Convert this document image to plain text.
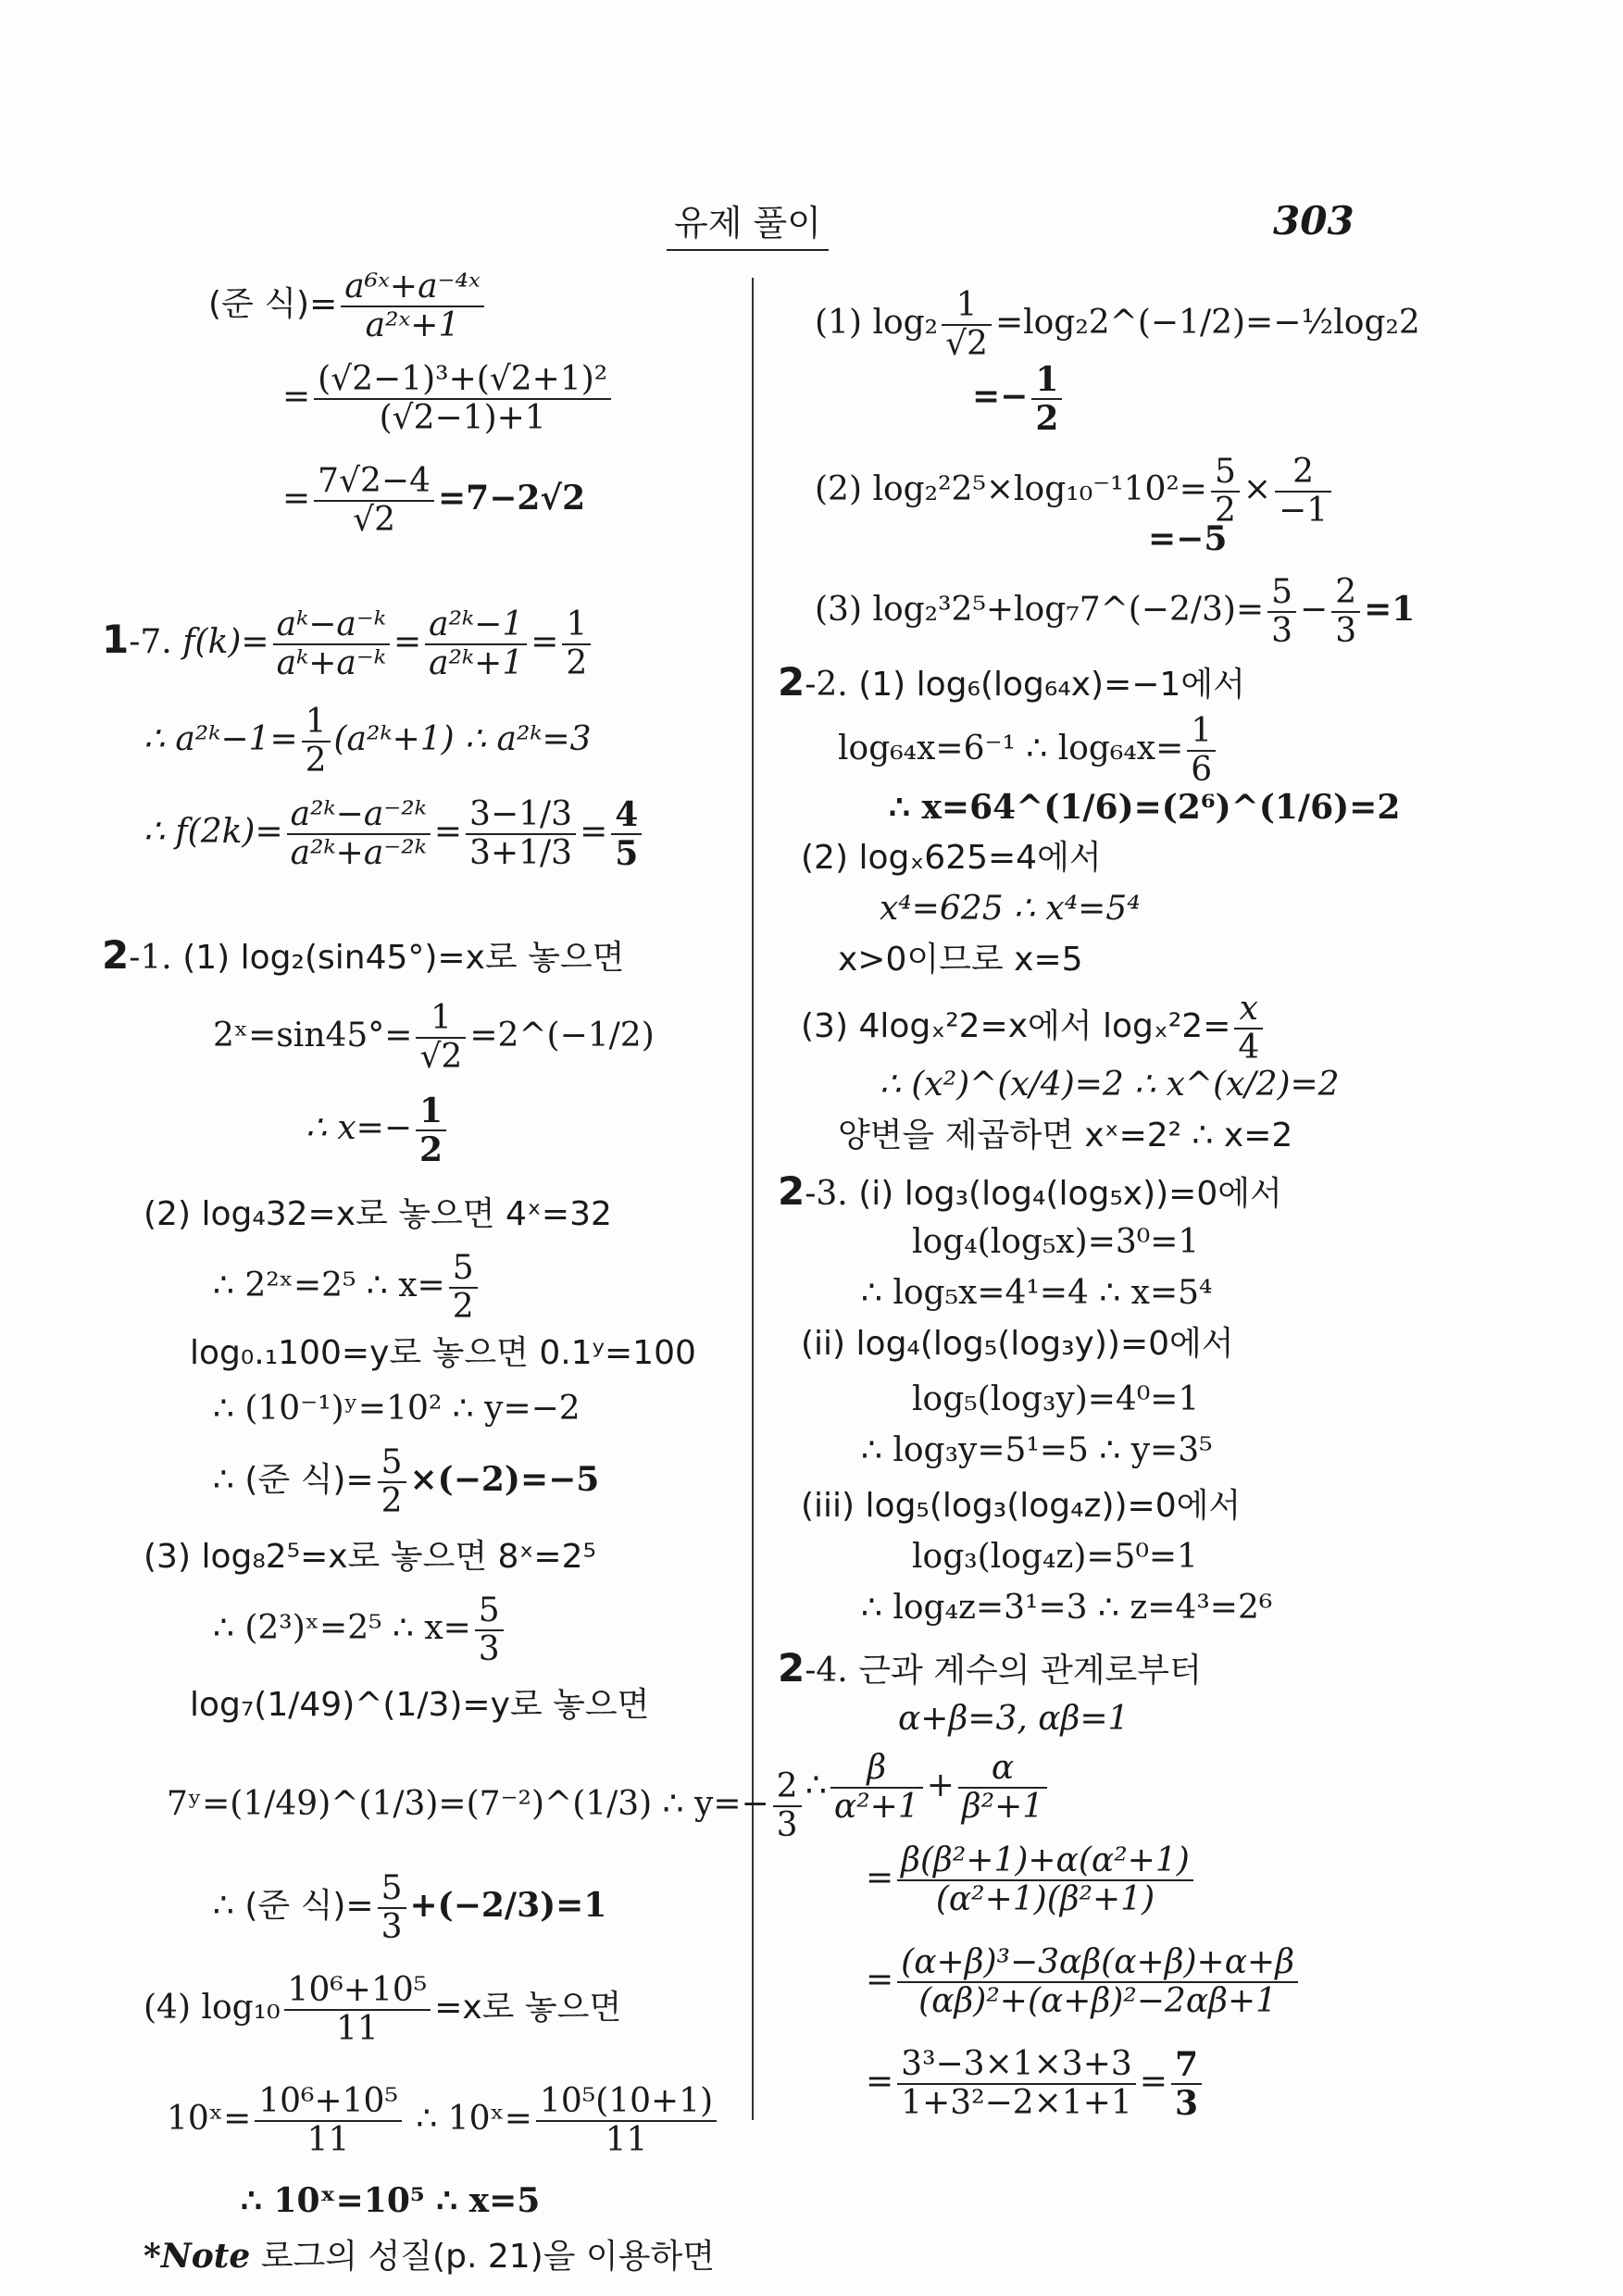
유제 풀이	303
(준 식)= $\frac{\text{a⁶ˣ+a⁻⁴ˣ}}{\text{a²ˣ+1}}$
= $\frac{\text{(√2−1)³+(√2+1)²}}{(√2-1)+1}$
= $\frac{7√2-4}{√2} =7-2√2$
1-7. $f(k)= \frac{\text{aᵏ−a⁻ᵏ}}{\text{aᵏ+a⁻ᵏ}} = \frac{\text{a²ᵏ−1}}{\text{a²ᵏ+1}} = \frac{1}{2}$
∴ a²ᵏ−1= $\frac{1}{2}$ (a²ᵏ+1) ∴ a²ᵏ=3
∴ $f(2k)= \frac{\text{a²ᵏ−a⁻²ᵏ}}{\text{a²ᵏ+a⁻²ᵏ}} = \frac{3-1/3}{3+1/3} = \frac{4}{5}$
2-1. (1) log₂(sin45°)=x로 놓으면
2ˣ=sin45°= $\frac{1}{√2}$ =2^(−1/2)
∴ $x=- \frac{1}{2}$
(2) log₄32=x로 놓으면 4ˣ=32
∴ 2²ˣ=2⁵ ∴ $x= \frac{5}{2}$
log₀.₁100=y로 놓으면 0.1ʸ=100
∴ (10⁻¹)ʸ=10² ∴ y=−2
∴ (준 식)= $\frac{5}{2} \times(-2)=-5$
(3) log₈2⁵=x로 놓으면 8ˣ=2⁵
∴ (2³)ˣ=2⁵ ∴ $x= \frac{5}{3}$
log₇(1/49)^(1/3)=y로 놓으면
7ʸ=(1/49)^(1/3)=(7⁻²)^(1/3) ∴ $y=- \frac{2}{3}$
∴ (준 식)= $\frac{5}{3} +(-2/3)=1$
(4) $\log_{10} \frac{\text{10⁶+10⁵}}{11} =x$로 놓으면
10ˣ= $\frac{\text{10⁶+10⁵}}{11}$ ∴ 10ˣ= $\frac{\text{10⁵(10+1)}}{11}$
∴ 10ˣ=10⁵ ∴ x=5
*Note 로그의 성질(p. 21)을 이용하면
(1) $\log_2 \frac{1}{√2}$ =log₂2^(−1/2)=−½log₂2
=− $\frac{1}{2}$
(2) $\log_2^22^5\times\log_{10}^{-1}10^2= \frac{5}{2} \times \frac{2}{-1}$
=−5
(3) log₂³2⁵+log₇7^(−2/3)= $\frac{5}{3} - \frac{2}{3} =1$
2-2. (1) log₆(log₆₄x)=−1에서
log₆₄x=6⁻¹ ∴ $\log_{64}x= \frac{1}{6}$
∴ x=64^(1/6)=(2⁶)^(1/6)=2
(2) logₓ625=4에서
x⁴=625 ∴ x⁴=5⁴
x>0이므로 x=5
(3) 4logₓ²2=x에서 $\log_x^22= \frac{x}{4}$
∴ (x²)^(x/4)=2 ∴ x^(x/2)=2
양변을 제곱하면 xˣ=2² ∴ x=2
2-3. (i) log₃(log₄(log₅x))=0에서
log₄(log₅x)=3⁰=1
∴ log₅x=4¹=4 ∴ x=5⁴
(ii) log₄(log₅(log₃y))=0에서
log₅(log₃y)=4⁰=1
∴ log₃y=5¹=5 ∴ y=3⁵
(iii) log₅(log₃(log₄z))=0에서
log₃(log₄z)=5⁰=1
∴ log₄z=3¹=3 ∴ z=4³=2⁶
2-4. 근과 계수의 관계로부터
α+β=3, αβ=1
∴ $\frac{\beta}{\text{α²+1}} + \frac{\alpha}{\text{β²+1}}$
= $\frac{\text{β(β²+1)+α(α²+1)}}{\text{(α²+1)(β²+1)}}$
= $\frac{\text{(α+β)³−3αβ(α+β)+α+β}}{\text{(αβ)²+(α+β)²−2αβ+1}}$
= $\frac{\text{3³−3×1×3+3}}{\text{1+3²−2×1+1}} = \frac{7}{3}$
